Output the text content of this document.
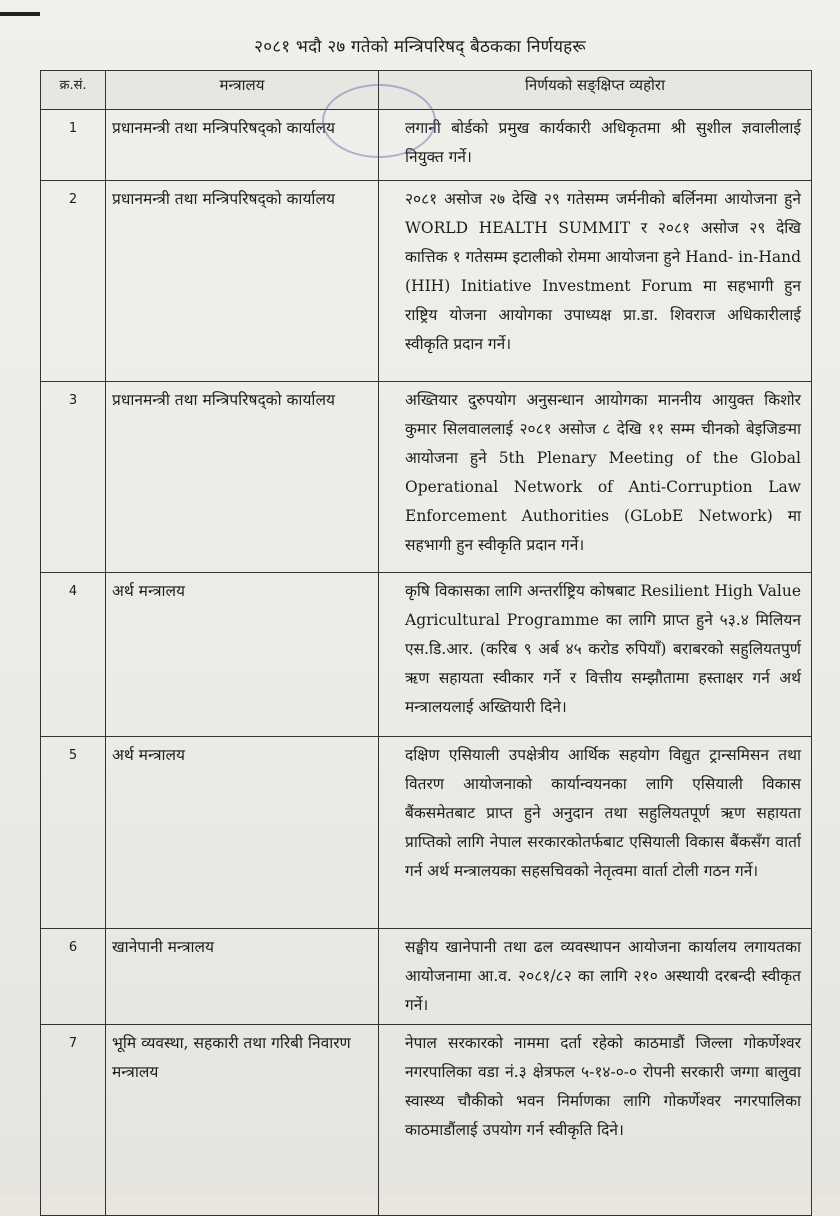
२०८१ भदौ २७ गतेको मन्त्रिपरिषद् बैठकका निर्णयहरू
क्र.सं.	मन्त्रालय	निर्णयको सङ्क्षिप्त व्यहोरा
1	प्रधानमन्त्री तथा मन्त्रिपरिषद्को कार्यालय	लगानी बोर्डको प्रमुख कार्यकारी अधिकृतमा श्री सुशील ज्ञवालीलाई नियुक्त गर्ने।
2	प्रधानमन्त्री तथा मन्त्रिपरिषद्को कार्यालय	२०८१ असोज २७ देखि २९ गतेसम्म जर्मनीको बर्लिनमा आयोजना हुने WORLD HEALTH SUMMIT र २०८१ असोज २९ देखि कात्तिक १ गतेसम्म इटालीको रोममा आयोजना हुने Hand- in-Hand (HIH) Initiative Investment Forum मा सहभागी हुन राष्ट्रिय योजना आयोगका उपाध्यक्ष प्रा.डा. शिवराज अधिकारीलाई स्वीकृति प्रदान गर्ने।
3	प्रधानमन्त्री तथा मन्त्रिपरिषद्को कार्यालय	अख्तियार दुरुपयोग अनुसन्धान आयोगका माननीय आयुक्त किशोर कुमार सिलवाललाई २०८१ असोज ८ देखि ११ सम्म चीनको बेइजिङमा आयोजना हुने 5th Plenary Meeting of the Global Operational Network of Anti-Corruption Law Enforcement Authorities (GLobE Network) मा सहभागी हुन स्वीकृति प्रदान गर्ने।
4	अर्थ मन्त्रालय	कृषि विकासका लागि अन्तर्राष्ट्रिय कोषबाट Resilient High Value Agricultural Programme का लागि प्राप्त हुने ५३.४ मिलियन एस.डि.आर. (करिब ९ अर्ब ४५ करोड रुपियाँ) बराबरको सहुलियतपुर्ण ऋण सहायता स्वीकार गर्ने र वित्तीय सम्झौतामा हस्ताक्षर गर्न अर्थ मन्त्रालयलाई अख्तियारी दिने।
5	अर्थ मन्त्रालय	दक्षिण एसियाली उपक्षेत्रीय आर्थिक सहयोग विद्युत ट्रान्समिसन तथा वितरण आयोजनाको कार्यान्वयनका लागि एसियाली विकास बैंकसमेतबाट प्राप्त हुने अनुदान तथा सहुलियतपूर्ण ऋण सहायता प्राप्तिको लागि नेपाल सरकारकोतर्फबाट एसियाली विकास बैंकसँग वार्ता गर्न अर्थ मन्त्रालयका सहसचिवको नेतृत्वमा वार्ता टोली गठन गर्ने।
6	खानेपानी मन्त्रालय	सङ्घीय खानेपानी तथा ढल व्यवस्थापन आयोजना कार्यालय लगायतका आयोजनामा आ.व. २०८१/८२ का लागि २१० अस्थायी दरबन्दी स्वीकृत गर्ने।
7	भूमि व्यवस्था, सहकारी तथा गरिबी निवारण मन्त्रालय	नेपाल सरकारको नाममा दर्ता रहेको काठमाडौं जिल्ला गोकर्णेश्वर नगरपालिका वडा नं.३ क्षेत्रफल ५-१४-०-० रोपनी सरकारी जग्गा बालुवा स्वास्थ्य चौकीको भवन निर्माणका लागि गोकर्णेश्वर नगरपालिका काठमाडौंलाई उपयोग गर्न स्वीकृति दिने।
